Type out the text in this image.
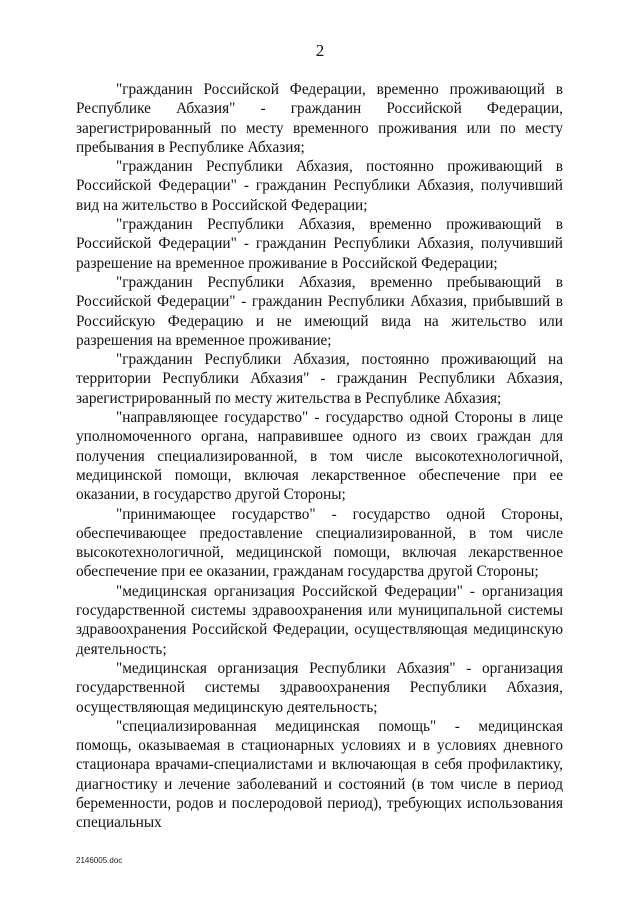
2

"гражданин Российской Федерации, временно проживающий в Республике Абхазия" - гражданин Российской Федерации, зарегистрированный по месту временного проживания или по месту пребывания в Республике Абхазия;

"гражданин Республики Абхазия, постоянно проживающий в Российской Федерации" - гражданин Республики Абхазия, получивший вид на жительство в Российской Федерации;

"гражданин Республики Абхазия, временно проживающий в Российской Федерации" - гражданин Республики Абхазия, получивший разрешение на временное проживание в Российской Федерации;

"гражданин Республики Абхазия, временно пребывающий в Российской Федерации" - гражданин Республики Абхазия, прибывший в Российскую Федерацию и не имеющий вида на жительство или разрешения на временное проживание;

"гражданин Республики Абхазия, постоянно проживающий на территории Республики Абхазия" - гражданин Республики Абхазия, зарегистрированный по месту жительства в Республике Абхазия;

"направляющее государство" - государство одной Стороны в лице уполномоченного органа, направившее одного из своих граждан для получения специализированной, в том числе высокотехнологичной, медицинской помощи, включая лекарственное обеспечение при ее оказании, в государство другой Стороны;

"принимающее государство" - государство одной Стороны, обеспечивающее предоставление специализированной, в том числе высокотехнологичной, медицинской помощи, включая лекарственное обеспечение при ее оказании, гражданам государства другой Стороны;

"медицинская организация Российской Федерации" - организация государственной системы здравоохранения или муниципальной системы здравоохранения Российской Федерации, осуществляющая медицинскую деятельность;

"медицинская организация Республики Абхазия" - организация государственной системы здравоохранения Республики Абхазия, осуществляющая медицинскую деятельность;

"специализированная медицинская помощь" - медицинская помощь, оказываемая в стационарных условиях и в условиях дневного стационара врачами-специалистами и включающая в себя профилактику, диагностику и лечение заболеваний и состояний (в том числе в период беременности, родов и послеродовой период), требующих использования специальных

2146005.doc
